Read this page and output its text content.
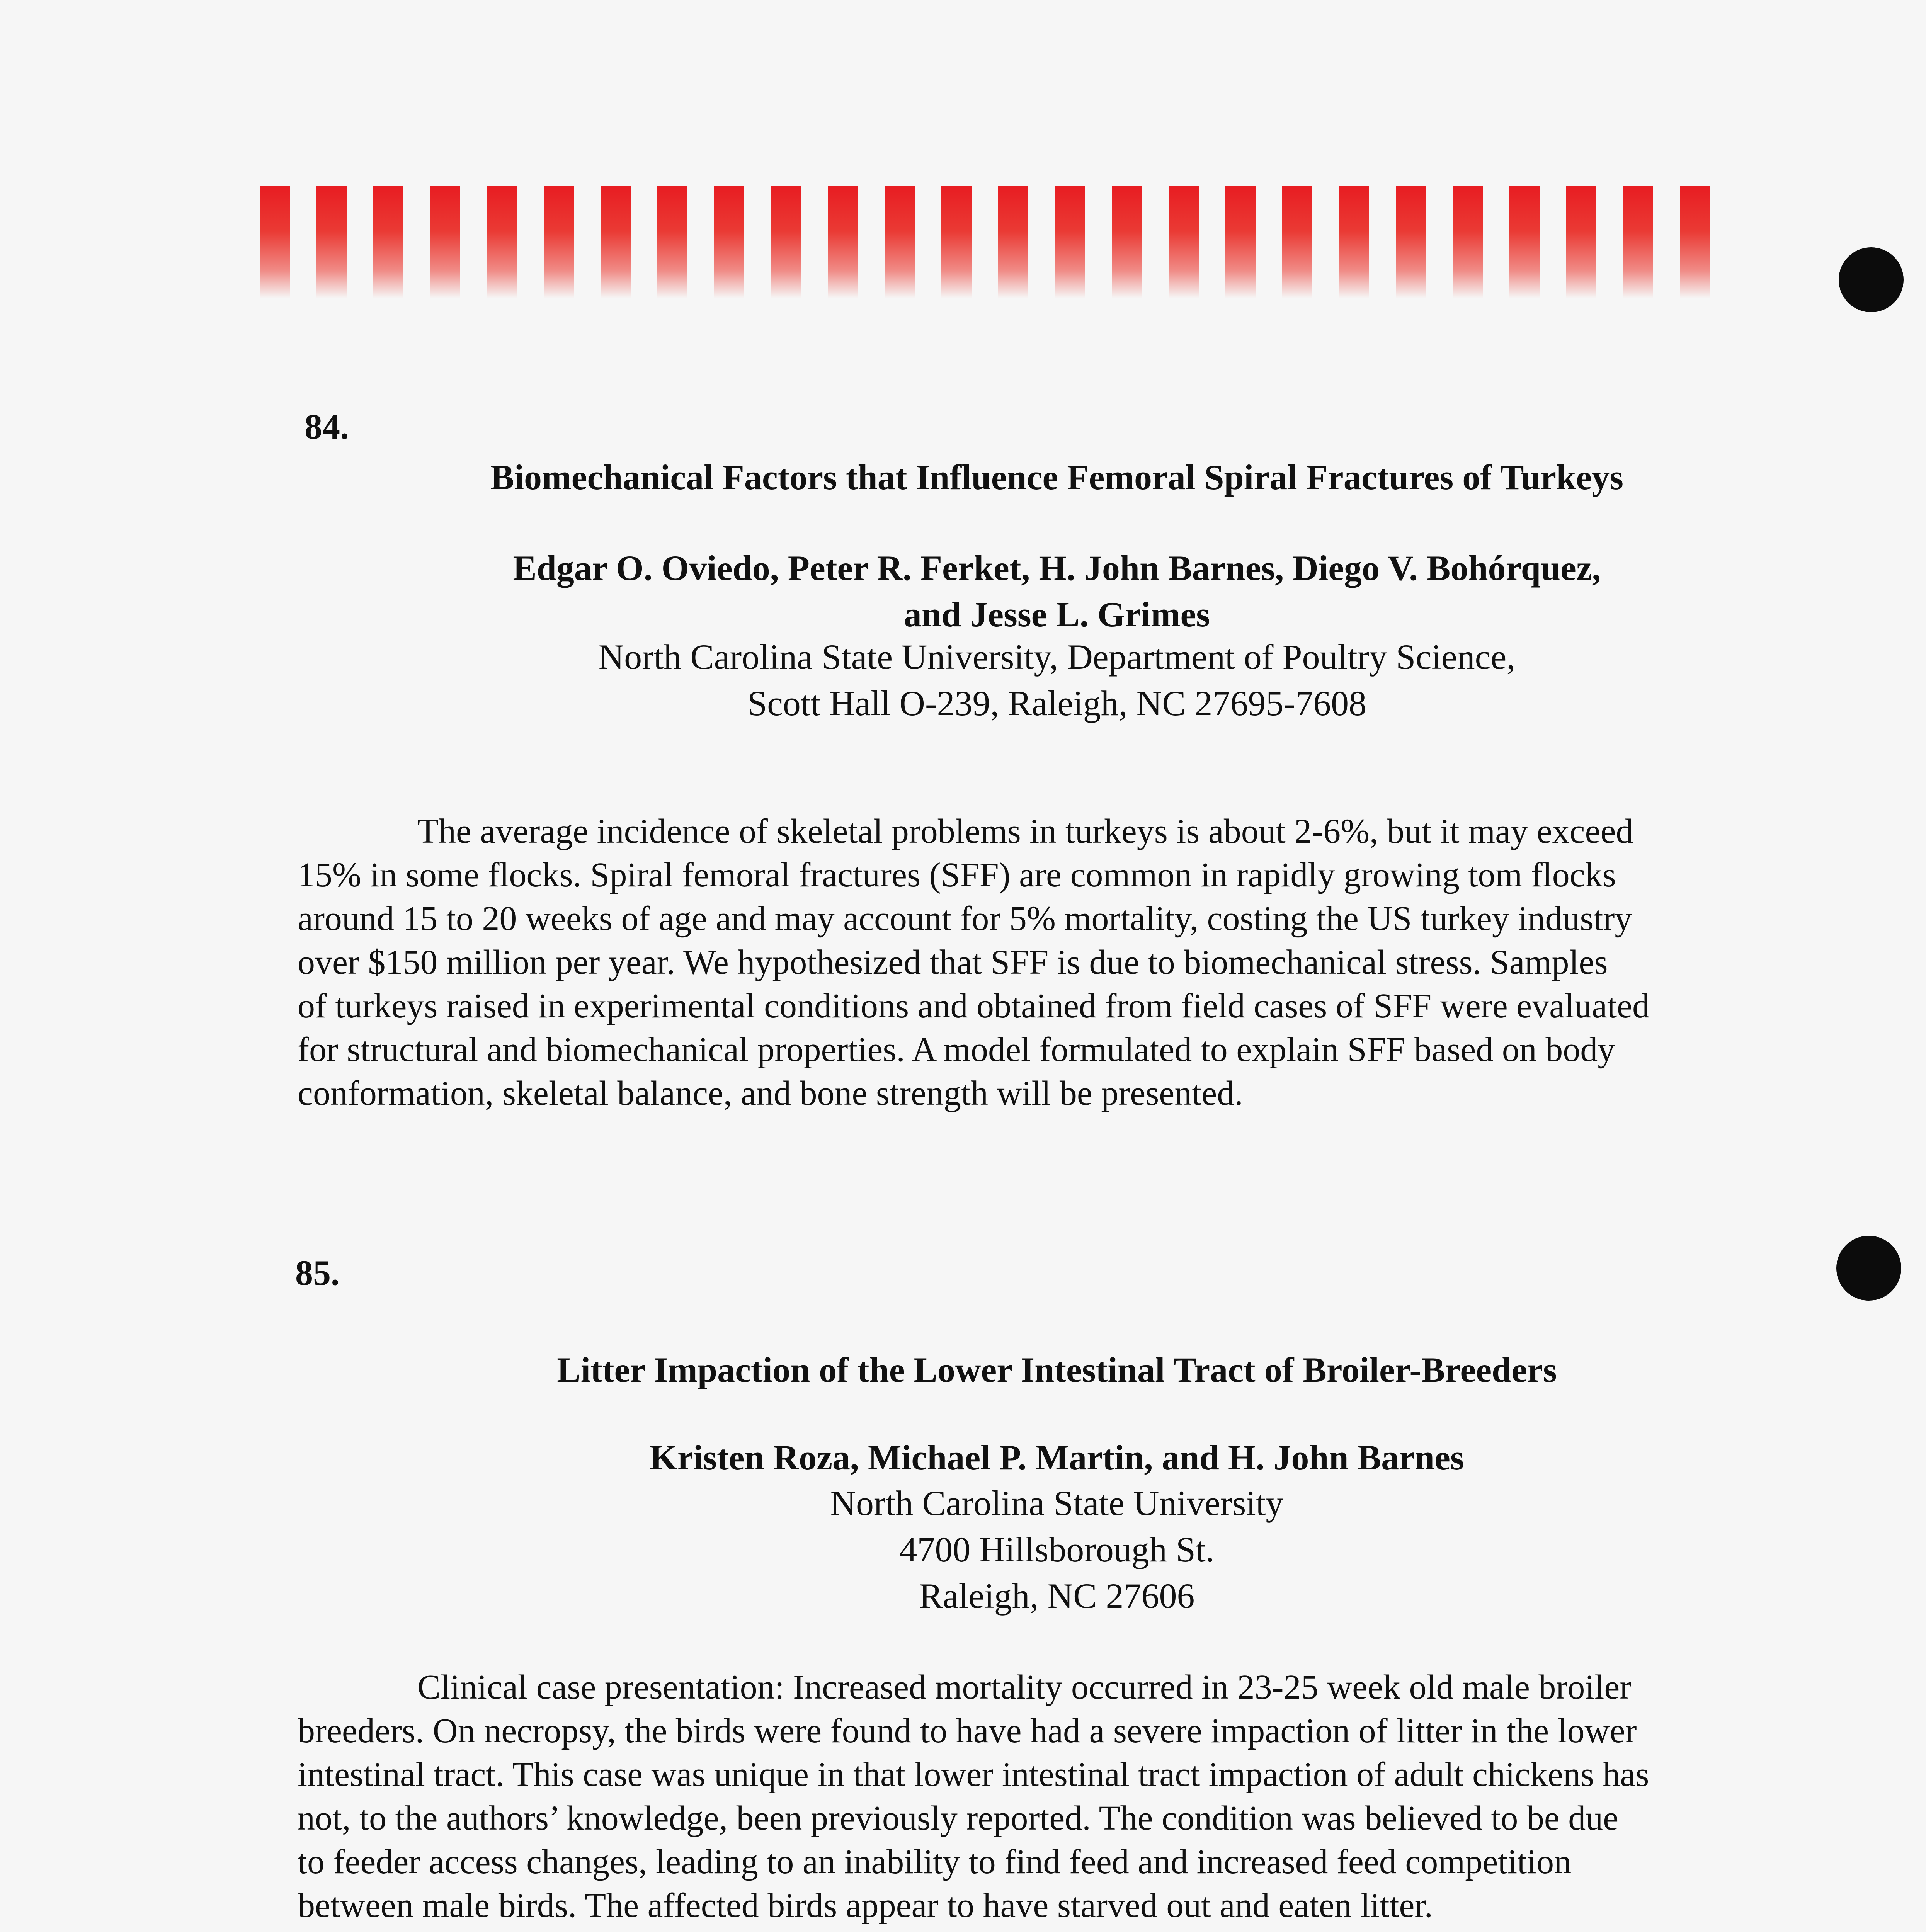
84.
Biomechanical Factors that Influence Femoral Spiral Fractures of Turkeys
Edgar O. Oviedo, Peter R. Ferket, H. John Barnes, Diego V. Bohórquez,
and Jesse L. Grimes
North Carolina State University, Department of Poultry Science,
Scott Hall O-239, Raleigh, NC 27695-7608
The average incidence of skeletal problems in turkeys is about 2-6%, but it may exceed
15% in some flocks. Spiral femoral fractures (SFF) are common in rapidly growing tom flocks
around 15 to 20 weeks of age and may account for 5% mortality, costing the US turkey industry
over $150 million per year. We hypothesized that SFF is due to biomechanical stress. Samples
of turkeys raised in experimental conditions and obtained from field cases of SFF were evaluated
for structural and biomechanical properties. A model formulated to explain SFF based on body
conformation, skeletal balance, and bone strength will be presented.
85.
Litter Impaction of the Lower Intestinal Tract of Broiler-Breeders
Kristen Roza, Michael P. Martin, and H. John Barnes
North Carolina State University
4700 Hillsborough St.
Raleigh, NC 27606
Clinical case presentation: Increased mortality occurred in 23-25 week old male broiler
breeders. On necropsy, the birds were found to have had a severe impaction of litter in the lower
intestinal tract. This case was unique in that lower intestinal tract impaction of adult chickens has
not, to the authors’ knowledge, been previously reported. The condition was believed to be due
to feeder access changes, leading to an inability to find feed and increased feed competition
between male birds. The affected birds appear to have starved out and eaten litter.
